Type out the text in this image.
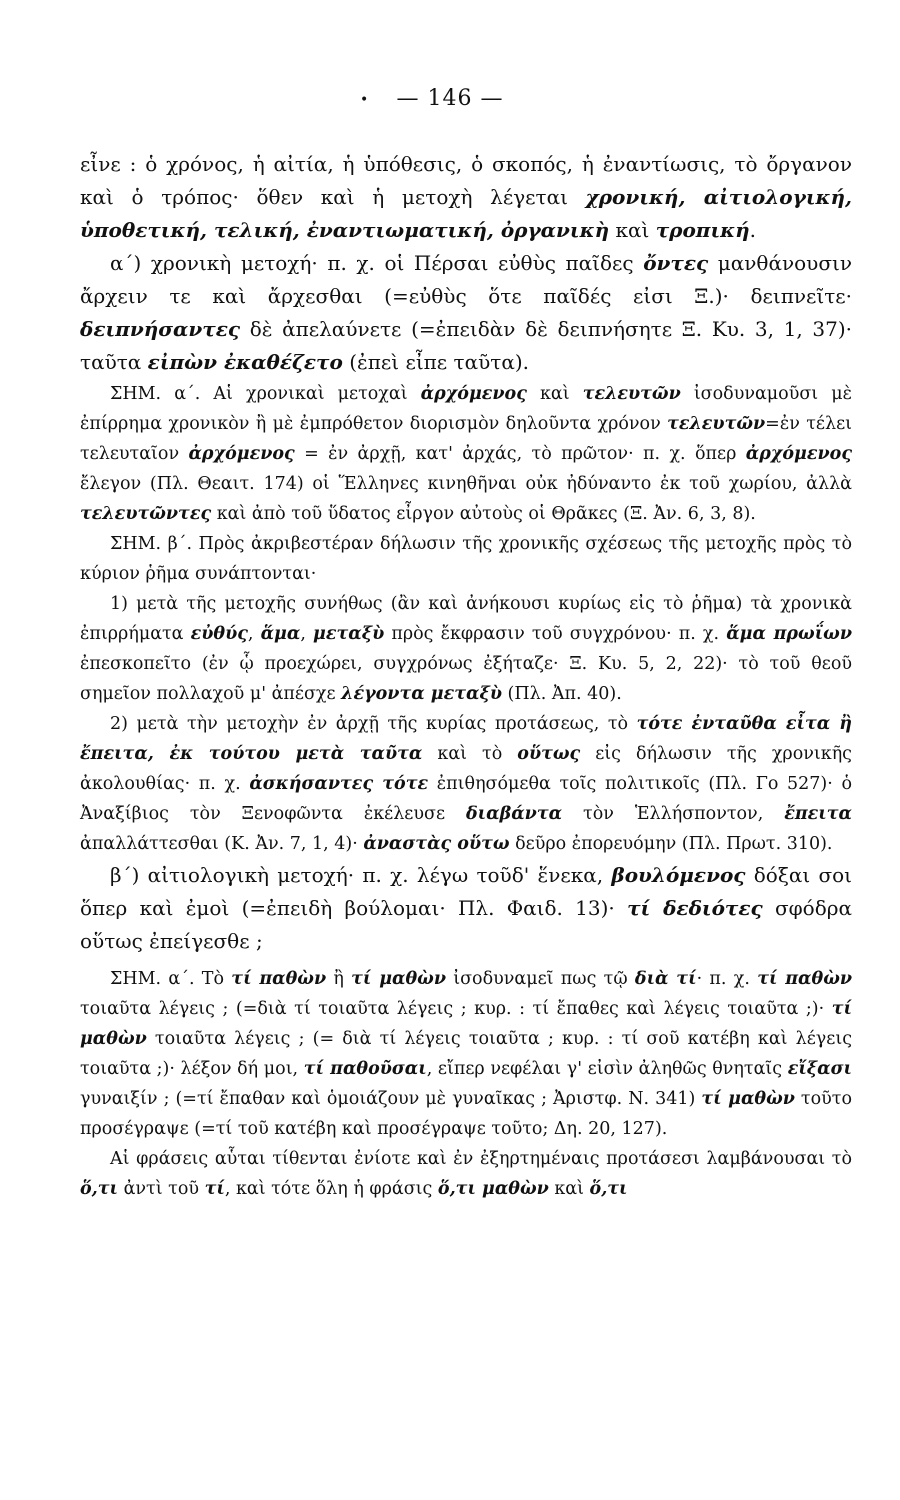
•	— 146 —

εἶνε : ὁ χρόνος, ἡ αἰτία, ἡ ὑπόθεσις, ὁ σκοπός, ἡ ἐναντίωσις, τὸ ὄργανον καὶ ὁ τρόπος· ὅθεν καὶ ἡ μετοχὴ λέγεται χρονική, αἰτιολογική, ὑποθετική, τελική, ἐναντιωματική, ὀργανικὴ καὶ τροπική.

α΄) χρονικὴ μετοχή· π. χ. οἱ Πέρσαι εὐθὺς παῖδες ὄντες μανθάνουσιν ἄρχειν τε καὶ ἄρχεσθαι (=εὐθὺς ὅτε παῖδές εἰσι Ξ.)· δειπνεῖτε· δειπνήσαντες δὲ ἀπελαύνετε (=ἐπειδὰν δὲ δειπνήσητε Ξ. Κυ. 3, 1, 37)· ταῦτα εἰπὼν ἐκαθέζετο (ἐπεὶ εἶπε ταῦτα).

ΣΗΜ. α΄. Αἱ χρονικαὶ μετοχαὶ ἀρχόμενος καὶ τελευτῶν ἰσοδυναμοῦσι μὲ ἐπίρρημα χρονικὸν ἢ μὲ ἐμπρόθετον διορισμὸν δηλοῦντα χρόνον τελευτῶν=ἐν τέλει τελευταῖον ἀρχόμενος = ἐν ἀρχῇ, κατ' ἀρχάς, τὸ πρῶτον· π. χ. ὅπερ ἀρχόμενος ἔλεγον (Πλ. Θεαιτ. 174) οἱ Ἕλληνες κινηθῆναι οὐκ ἠδύναντο ἐκ τοῦ χωρίου, ἀλλὰ τελευτῶντες καὶ ἀπὸ τοῦ ὕδατος εἶργον αὐτοὺς οἱ Θρᾶκες (Ξ. Ἀν. 6, 3, 8).

ΣΗΜ. β΄. Πρὸς ἀκριβεστέραν δήλωσιν τῆς χρονικῆς σχέσεως τῆς μετοχῆς πρὸς τὸ κύριον ῥῆμα συνάπτονται·

1) μετὰ τῆς μετοχῆς συνήθως (ἂν καὶ ἀνήκουσι κυρίως εἰς τὸ ῥῆμα) τὰ χρονικὰ ἐπιρρήματα εὐθύς, ἅμα, μεταξὺ πρὸς ἔκφρασιν τοῦ συγχρόνου· π. χ. ἅμα πρωΐων ἐπεσκοπεῖτο (ἐν ᾧ προεχώρει, συγχρόνως ἐξήταζε· Ξ. Κυ. 5, 2, 22)· τὸ τοῦ θεοῦ σημεῖον πολλαχοῦ μ' ἀπέσχε λέγοντα μεταξὺ (Πλ. Ἀπ. 40).

2) μετὰ τὴν μετοχὴν ἐν ἀρχῇ τῆς κυρίας προτάσεως, τὸ τότε ἐνταῦθα εἶτα ἢ ἔπειτα, ἐκ τούτου μετὰ ταῦτα καὶ τὸ οὕτως εἰς δήλωσιν τῆς χρονικῆς ἀκολουθίας· π. χ. ἀσκήσαντες τότε ἐπιθησόμεθα τοῖς πολιτικοῖς (Πλ. Γο 527)· ὁ Ἀναξίβιος τὸν Ξενοφῶντα ἐκέλευσε διαβάντα τὸν Ἑλλήσποντον, ἔπειτα ἀπαλλάττεσθαι (Κ. Ἀν. 7, 1, 4)· ἀναστὰς οὕτω δεῦρο ἐπορευόμην (Πλ. Πρωτ. 310).

β΄) αἰτιολογικὴ μετοχή· π. χ. λέγω τοῦδ' ἕνεκα, βουλόμενος δόξαι σοι ὅπερ καὶ ἐμοὶ (=ἐπειδὴ βούλομαι· Πλ. Φαιδ. 13)· τί δεδιότες σφόδρα οὕτως ἐπείγεσθε ;

ΣΗΜ. α΄. Τὸ τί παθὼν ἢ τί μαθὼν ἰσοδυναμεῖ πως τῷ διὰ τί· π. χ. τί παθὼν τοιαῦτα λέγεις ; (=διὰ τί τοιαῦτα λέγεις ; κυρ. : τί ἔπαθες καὶ λέγεις τοιαῦτα ;)· τί μαθὼν τοιαῦτα λέγεις ; (= διὰ τί λέγεις τοιαῦτα ; κυρ. : τί σοῦ κατέβη καὶ λέγεις τοιαῦτα ;)· λέξον δή μοι, τί παθοῦσαι, εἴπερ νεφέλαι γ' εἰσὶν ἀληθῶς θνηταῖς εἴξασι γυναιξίν ; (=τί ἔπαθαν καὶ ὁμοιάζουν μὲ γυναῖκας ; Ἀριστφ. Ν. 341) τί μαθὼν τοῦτο προσέγραψε (=τί τοῦ κατέβη καὶ προσέγραψε τοῦτο; Δη. 20, 127).

Αἱ φράσεις αὗται τίθενται ἐνίοτε καὶ ἐν ἐξηρτημέναις προτάσεσι λαμβάνουσαι τὸ ὅ,τι ἀντὶ τοῦ τί, καὶ τότε ὅλη ἡ φράσις ὅ,τι μαθὼν καὶ ὅ,τι
